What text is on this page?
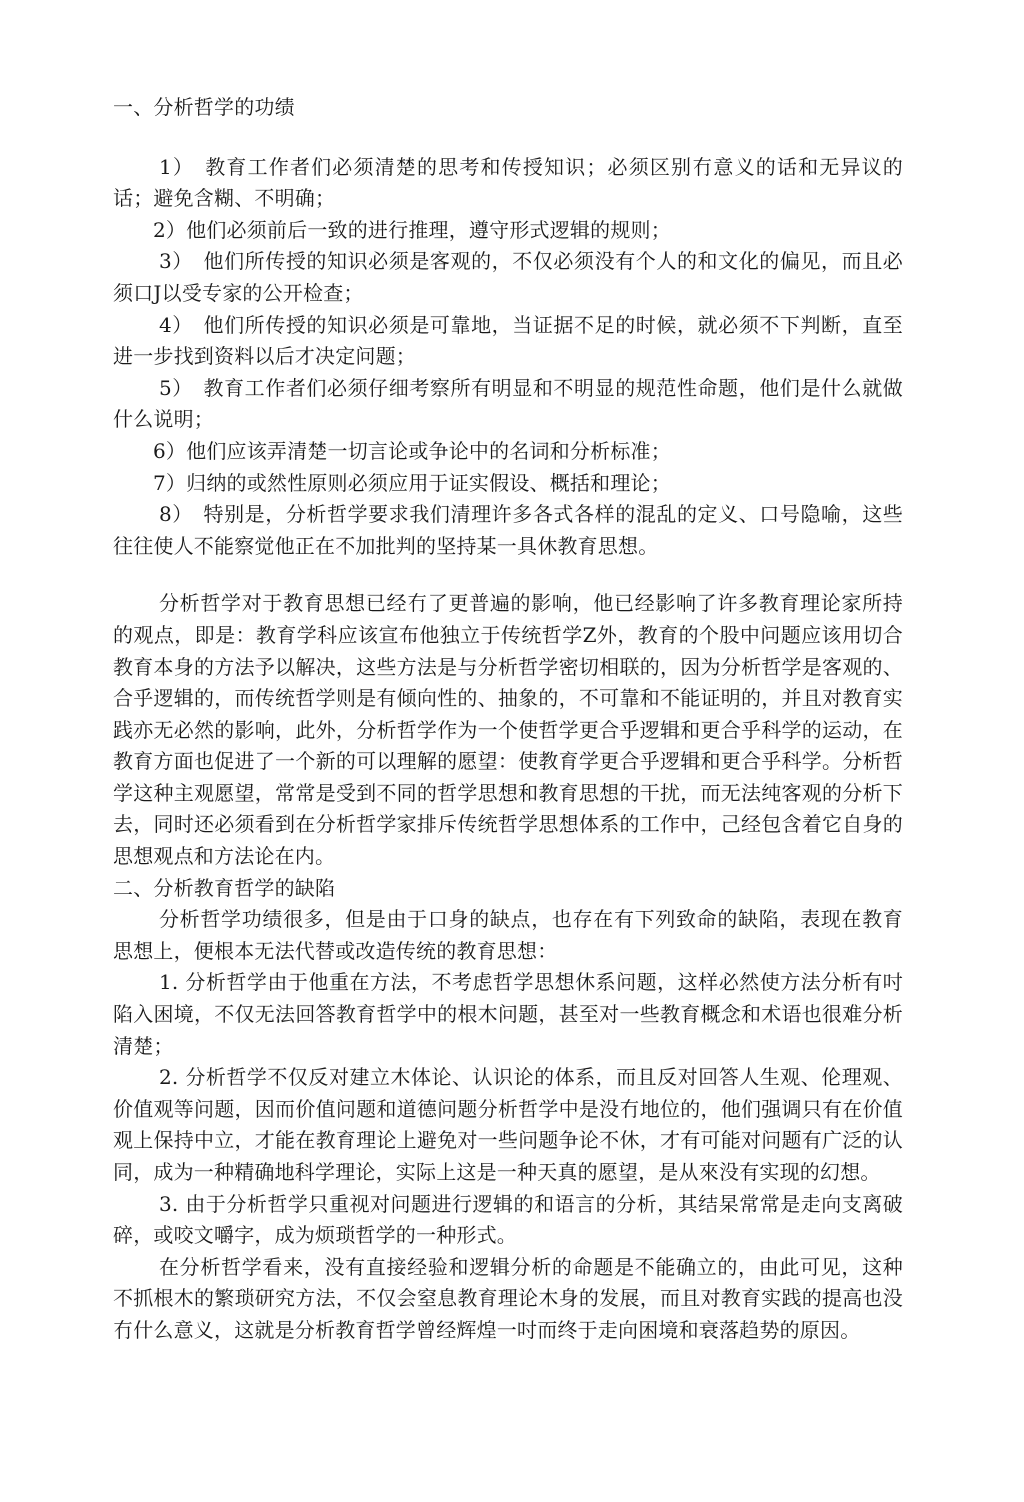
一、分析哲学的功绩

1）　教育工作者们必须清楚的思考和传授知识；必须区别冇意义的话和无异议的话；避免含糊、不明确；

2）他们必须前后一致的进行推理，遵守形式逻辑的规则；

3）　他们所传授的知识必须是客观的，不仅必须没有个人的和文化的偏见，而且必须口J以受专家的公开检查；

4）　他们所传授的知识必须是可靠地，当证据不足的时候，就必须不下判断，直至进一步找到资料以后才决定问题；

5）　教育工作者们必须仔细考察所有明显和不明显的规范性命题，他们是什么就做什么说明；

6）他们应该弄清楚一切言论或争论中的名词和分析标准；

7）归纳的或然性原则必须应用于证实假设、概括和理论；

8）　特别是，分析哲学要求我们清理许多各式各样的混乱的定义、口号隐喻，这些往往使人不能察觉他正在不加批判的坚持某一具休教育思想。

分析哲学对于教育思想已经冇了更普遍的影响，他已经影响了许多教育理论家所持的观点，即是：教育学科应该宣布他独立于传统哲学Z外，教育的个股中问题应该用切合教育本身的方法予以解决，这些方法是与分析哲学密切相联的，因为分析哲学是客观的、合乎逻辑的，而传统哲学则是有倾向性的、抽象的，不可靠和不能证明的，并且对教育实践亦无必然的影响，此外，分析哲学作为一个使哲学更合乎逻辑和更合乎科学的运动，在教育方面也促进了一个新的可以理解的愿望：使教育学更合乎逻辑和更合乎科学。分析哲学这种主观愿望，常常是受到不同的哲学思想和教育思想的干扰，而无法纯客观的分析下去，同时还必须看到在分析哲学家排斥传统哲学思想体系的工作中，己经包含着它自身的思想观点和方法论在内。

二、分析教育哲学的缺陷

分析哲学功绩很多，但是由于口身的缺点，也存在有下列致命的缺陷，表现在教育思想上，便根本无法代替或改造传统的教育思想：

1. 分析哲学由于他重在方法，不考虑哲学思想休系问题，这样必然使方法分析有吋陷入困境，不仅无法回答教育哲学中的根木问题，甚至对一些教育概念和术语也很难分析清楚；

2. 分析哲学不仅反对建立木体论、认识论的体系，而且反对回答人生观、伦理观、价值观等问题，因而价值问题和道德问题分析哲学中是没冇地位的，他们强调只有在价值观上保持中立，才能在教育理论上避免对一些问题争论不休，才有可能对问题有广泛的认同，成为一种精确地科学理论，实际上这是一种天真的愿望，是从來没有实现的幻想。

3. 由于分析哲学只重视对问题进行逻辑的和语言的分析，其结杲常常是走向支离破碎，或咬文嚼字，成为烦琐哲学的一种形式。

在分析哲学看来，没有直接经验和逻辑分析的命题是不能确立的，由此可见，这种不抓根木的繁琐研究方法，不仅会窒息教育理论木身的发展，而且对教育实践的提高也没冇什么意义，这就是分析教育哲学曾经辉煌一吋而终于走向困境和衰落趋势的原因。
